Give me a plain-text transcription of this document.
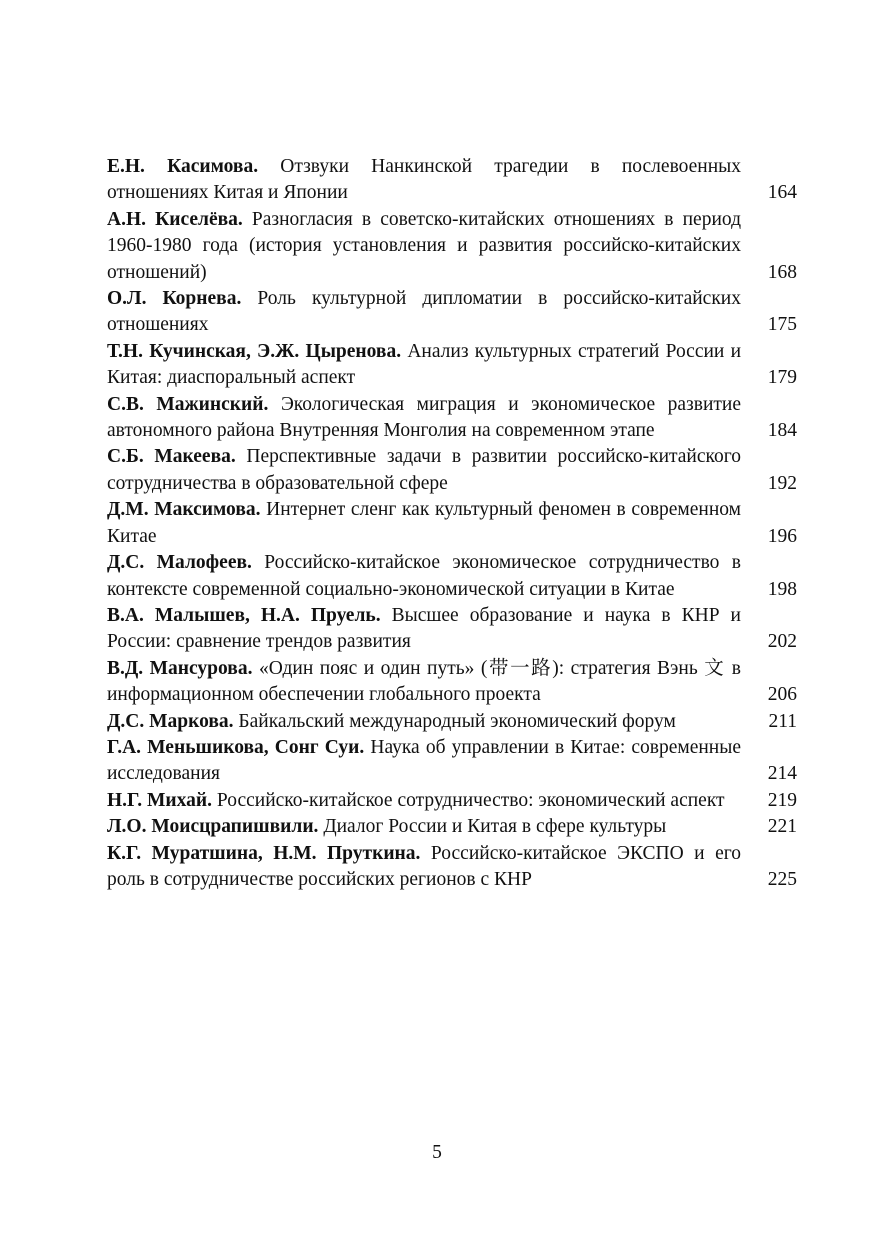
Е.Н. Касимова. Отзвуки Нанкинской трагедии в послевоенных отношениях Китая и Японии	164
А.Н. Киселёва. Разногласия в советско-китайских отношениях в период 1960-1980 года (история установления и развития российско-китайских отношений)	168
О.Л. Корнева. Роль культурной дипломатии в российско-китайских отношениях	175
Т.Н. Кучинская, Э.Ж. Цыренова. Анализ культурных стратегий России и Китая: диаспоральный аспект	179
С.В. Мажинский. Экологическая миграция и экономическое развитие автономного района Внутренняя Монголия на современном этапе	184
С.Б. Макеева. Перспективные задачи в развитии российско-китайского сотрудничества в образовательной сфере	192
Д.М. Максимова. Интернет сленг как культурный феномен в современном Китае	196
Д.С. Малофеев. Российско-китайское экономическое сотрудничество в контексте современной социально-экономической ситуации в Китае	198
В.А. Малышев, Н.А. Пруель. Высшее образование и наука в КНР и России: сравнение трендов развития	202
В.Д. Мансурова. «Один пояс и один путь» (带一路): стратегия Вэнь 文 в информационном обеспечении глобального проекта	206
Д.С. Маркова. Байкальский международный экономический форум	211
Г.А. Меньшикова, Сонг Суи. Наука об управлении в Китае: современные исследования	214
Н.Г. Михай. Российско-китайское сотрудничество: экономический аспект	219
Л.О. Моисцрапишвили. Диалог России и Китая в сфере культуры	221
К.Г. Муратшина, Н.М. Пруткина. Российско-китайское ЭКСПО и его роль в сотрудничестве российских регионов с КНР	225
5
